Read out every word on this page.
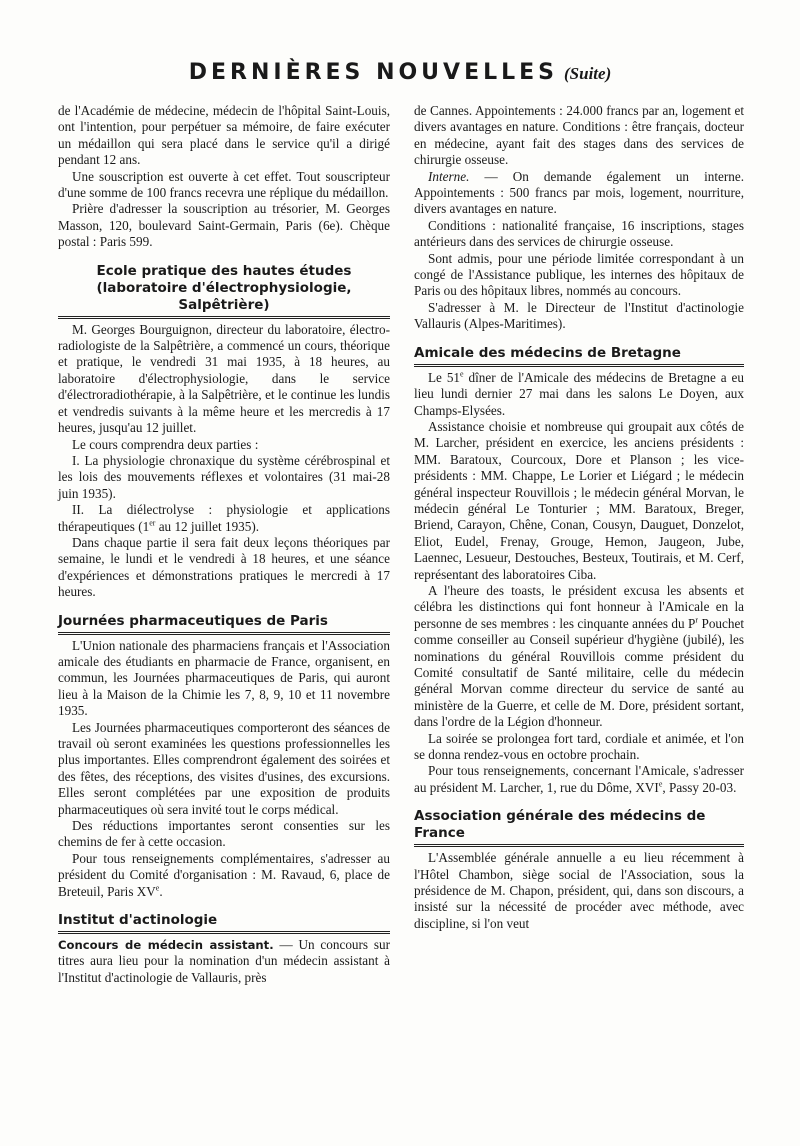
DERNIÈRES NOUVELLES (Suite)

de l'Académie de médecine, médecin de l'hôpital Saint-Louis, ont l'intention, pour perpétuer sa mémoire, de faire exécuter un médaillon qui sera placé dans le service qu'il a dirigé pendant 12 ans.

Une souscription est ouverte à cet effet. Tout souscripteur d'une somme de 100 francs recevra une réplique du médaillon.

Prière d'adresser la souscription au trésorier, M. Georges Masson, 120, boulevard Saint-Germain, Paris (6e). Chèque postal : Paris 599.

Ecole pratique des hautes études (laboratoire d'électrophysiologie, Salpêtrière)

M. Georges Bourguignon, directeur du laboratoire, électro-radiologiste de la Salpêtrière, a commencé un cours, théorique et pratique, le vendredi 31 mai 1935, à 18 heures, au laboratoire d'électrophysiologie, dans le service d'électroradiothérapie, à la Salpêtrière, et le continue les lundis et vendredis suivants à la même heure et les mercredis à 17 heures, jusqu'au 12 juillet.

Le cours comprendra deux parties :

I. La physiologie chronaxique du système cérébrospinal et les lois des mouvements réflexes et volontaires (31 mai-28 juin 1935).

II. La diélectrolyse : physiologie et applications thérapeutiques (1er au 12 juillet 1935).

Dans chaque partie il sera fait deux leçons théoriques par semaine, le lundi et le vendredi à 18 heures, et une séance d'expériences et démonstrations pratiques le mercredi à 17 heures.

Journées pharmaceutiques de Paris

L'Union nationale des pharmaciens français et l'Association amicale des étudiants en pharmacie de France, organisent, en commun, les Journées pharmaceutiques de Paris, qui auront lieu à la Maison de la Chimie les 7, 8, 9, 10 et 11 novembre 1935.

Les Journées pharmaceutiques comporteront des séances de travail où seront examinées les questions professionnelles les plus importantes. Elles comprendront également des soirées et des fêtes, des réceptions, des visites d'usines, des excursions. Elles seront complétées par une exposition de produits pharmaceutiques où sera invité tout le corps médical.

Des réductions importantes seront consenties sur les chemins de fer à cette occasion.

Pour tous renseignements complémentaires, s'adresser au président du Comité d'organisation : M. Ravaud, 6, place de Breteuil, Paris XVe.

Institut d'actinologie

Concours de médecin assistant. — Un concours sur titres aura lieu pour la nomination d'un médecin assistant à l'Institut d'actinologie de Vallauris, près

de Cannes. Appointements : 24.000 francs par an, logement et divers avantages en nature. Conditions : être français, docteur en médecine, ayant fait des stages dans des services de chirurgie osseuse.

Interne. — On demande également un interne. Appointements : 500 francs par mois, logement, nourriture, divers avantages en nature.

Conditions : nationalité française, 16 inscriptions, stages antérieurs dans des services de chirurgie osseuse.

Sont admis, pour une période limitée correspondant à un congé de l'Assistance publique, les internes des hôpitaux de Paris ou des hôpitaux libres, nommés au concours.

S'adresser à M. le Directeur de l'Institut d'actinologie Vallauris (Alpes-Maritimes).

Amicale des médecins de Bretagne

Le 51e dîner de l'Amicale des médecins de Bretagne a eu lieu lundi dernier 27 mai dans les salons Le Doyen, aux Champs-Elysées.

Assistance choisie et nombreuse qui groupait aux côtés de M. Larcher, président en exercice, les anciens présidents : MM. Baratoux, Courcoux, Dore et Planson ; les vice-présidents : MM. Chappe, Le Lorier et Liégard ; le médecin général inspecteur Rouvillois ; le médecin général Morvan, le médecin général Le Tonturier ; MM. Baratoux, Breger, Briend, Carayon, Chêne, Conan, Cousyn, Dauguet, Donzelot, Eliot, Eudel, Frenay, Grouge, Hemon, Jaugeon, Jube, Laennec, Lesueur, Destouches, Besteux, Toutirais, et M. Cerf, représentant des laboratoires Ciba.

A l'heure des toasts, le président excusa les absents et célébra les distinctions qui font honneur à l'Amicale en la personne de ses membres : les cinquante années du $P^r$ Pouchet comme conseiller au Conseil supérieur d'hygiène (jubilé), les nominations du général Rouvillois comme président du Comité consultatif de Santé militaire, celle du médecin général Morvan comme directeur du service de santé au ministère de la Guerre, et celle de M. Dore, président sortant, dans l'ordre de la Légion d'honneur.

La soirée se prolongea fort tard, cordiale et animée, et l'on se donna rendez-vous en octobre prochain.

Pour tous renseignements, concernant l'Amicale, s'adresser au président M. Larcher, 1, rue du Dôme, XVIe, Passy 20-03.

Association générale des médecins de France

L'Assemblée générale annuelle a eu lieu récemment à l'Hôtel Chambon, siège social de l'Association, sous la présidence de M. Chapon, président, qui, dans son discours, a insisté sur la nécessité de procéder avec méthode, avec discipline, si l'on veut
